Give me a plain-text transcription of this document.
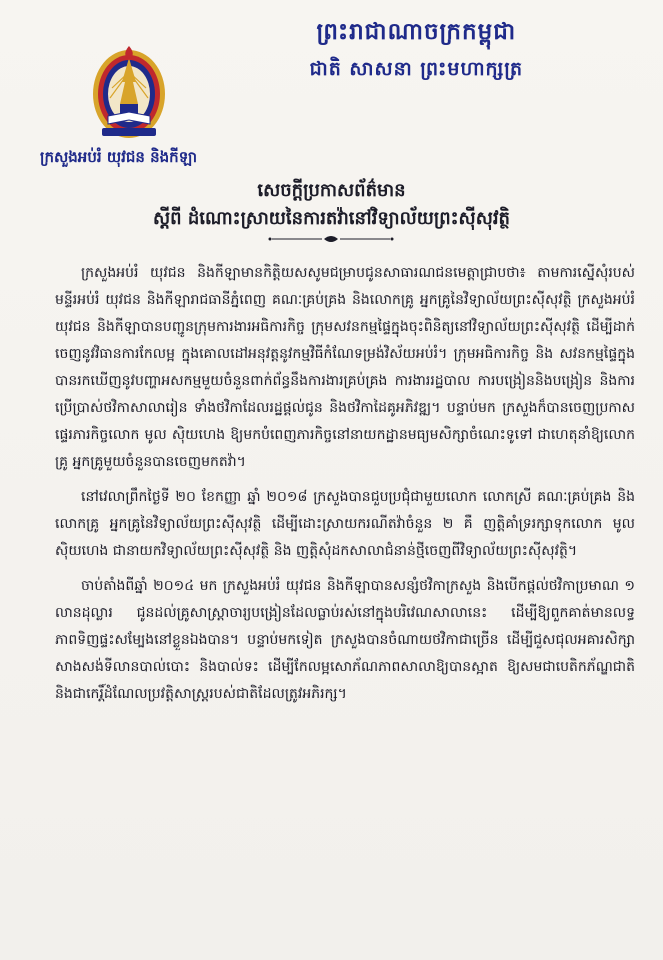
ព្រះរាជាណាចក្រកម្ពុជា
ជាតិ សាសនា ព្រះមហាក្សត្រ
ក្រសួងអប់រំ យុវជន និងកីឡា
សេចក្តីប្រកាសព័ត៌មាន
ស្តីពី ដំណោះស្រាយនៃការតវ៉ានៅវិទ្យាល័យព្រះស៊ីសុវត្ថិ

ក្រសួងអប់រំ យុវជន និងកីឡាមានកិត្តិយសសូមជម្រាបជូនសាធារណជនមេត្តាជ្រាបថា៖ តាមការស្នើសុំរបស់មន្ទីរអប់រំ យុវជន និងកីឡារាជធានីភ្នំពេញ គណៈគ្រប់គ្រង និងលោកគ្រូ អ្នកគ្រូនៃវិទ្យាល័យព្រះស៊ីសុវត្ថិ ក្រសួងអប់រំ យុវជន និងកីឡាបានបញ្ជូនក្រុមការងារអធិការកិច្ច ក្រុមសវនកម្មផ្ទៃក្នុងចុះពិនិត្យនៅវិទ្យាល័យព្រះស៊ីសុវត្ថិ ដើម្បីដាក់ចេញនូវវិធានការកែលម្អ ក្នុងគោលដៅអនុវត្តនូវកម្មវិធីកំណែទម្រង់វិស័យអប់រំ។ ក្រុមអធិការកិច្ច និង សវនកម្មផ្ទៃក្នុងបានរកឃើញនូវបញ្ហាអសកម្មមួយចំនួនពាក់ព័ន្ធនឹងការងារគ្រប់គ្រង ការងាររដ្ឋបាល ការបង្រៀននិងបង្រៀន និងការប្រើប្រាស់ថវិកាសាលារៀន ទាំងថវិកាដែលរដ្ឋផ្ដល់ជូន និងថវិកាដៃគូអភិវឌ្ឍ។ បន្ទាប់មក ក្រសួងក៏បានចេញប្រកាសផ្ទេរភារកិច្ចលោក មូល ស៊ិយហេង ឱ្យមកបំពេញភារកិច្ចនៅនាយកដ្ឋានមធ្យមសិក្សាចំណេះទូទៅ ជាហេតុនាំឱ្យលោកគ្រូ អ្នកគ្រូមួយចំនួនបានចេញមកតវ៉ា។

នៅវេលាព្រឹកថ្ងៃទី ២០ ខែកញ្ញា ឆ្នាំ ២០១៨ ក្រសួងបានជួបប្រជុំជាមួយលោក លោកស្រី គណៈគ្រប់គ្រង និងលោកគ្រូ អ្នកគ្រូនៃវិទ្យាល័យព្រះស៊ីសុវត្ថិ ដើម្បីដោះស្រាយករណីតវ៉ាចំនួន ២ គឺ ញត្តិគាំទ្ររក្សាទុកលោក មូល ស៊ិយហេង ជានាយកវិទ្យាល័យព្រះស៊ីសុវត្ថិ និង ញត្តិសុំដកសាលាជំនាន់ថ្មីចេញពីវិទ្យាល័យព្រះស៊ីសុវត្ថិ។

ចាប់តាំងពីឆ្នាំ ២០១៤ មក ក្រសួងអប់រំ យុវជន និងកីឡាបានសន្សំថវិកាក្រសួង និងបើកផ្តល់ថវិកាប្រមាណ ១ លានដុល្លារ ជូនដល់គ្រូសាស្ត្រាចារ្យបង្រៀនដែលធ្លាប់រស់នៅក្នុងបរិវេណសាលានេះ ដើម្បីឱ្យពួកគាត់មានលទ្ធភាពទិញផ្ទះសម្បែងនៅខ្លួនឯងបាន។ បន្ទាប់មកទៀត ក្រសួងបានចំណាយថវិកាជាច្រើន ដើម្បីជួសជុលអគារសិក្សា សាងសង់ទីលានបាល់បោះ និងបាល់ទះ ដើម្បីកែលម្អសោភ័ណភាពសាលាឱ្យបានស្អាត ឱ្យសមជាបេតិកភ័ណ្ឌជាតិនិងជាកេរ្តិ៍ដំណែលប្រវត្តិសាស្ត្ររបស់ជាតិដែលត្រូវអភិរក្ស។
